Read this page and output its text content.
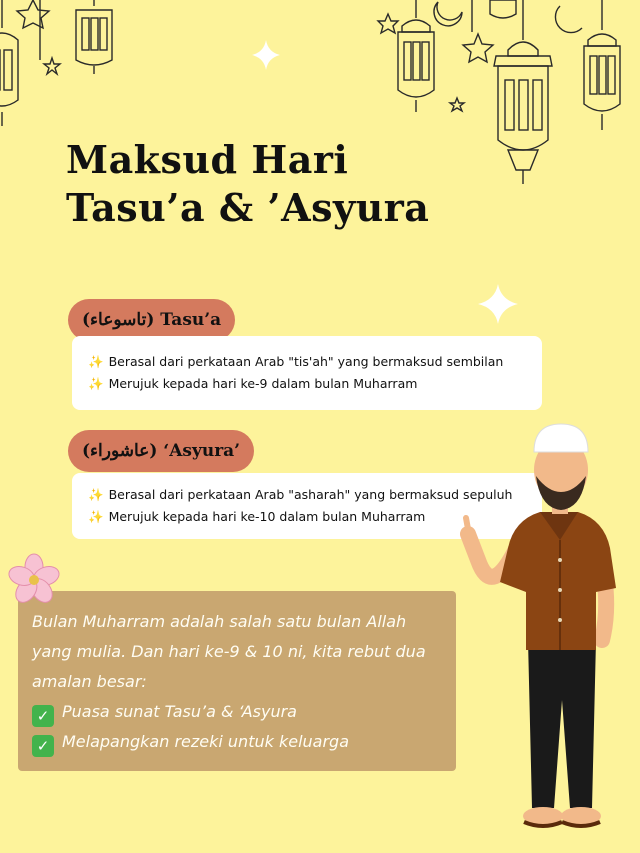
Maksud Hari
Tasu’a & ’Asyura
(تاسوعاء) Tasu’a
✨ Berasal dari perkataan Arab "tis'ah" yang bermaksud sembilan
✨ Merujuk kepada hari ke-9 dalam bulan Muharram
(عاشوراء) ‘Asyura’
✨ Berasal dari perkataan Arab "asharah" yang bermaksud sepuluh
✨ Merujuk kepada hari ke-10 dalam bulan Muharram

Bulan Muharram adalah salah satu bulan Allah yang mulia. Dan hari ke-9 & 10 ni, kita rebut dua amalan besar:

✓ Puasa sunat Tasu’a & ‘Asyura
✓ Melapangkan rezeki untuk keluarga
